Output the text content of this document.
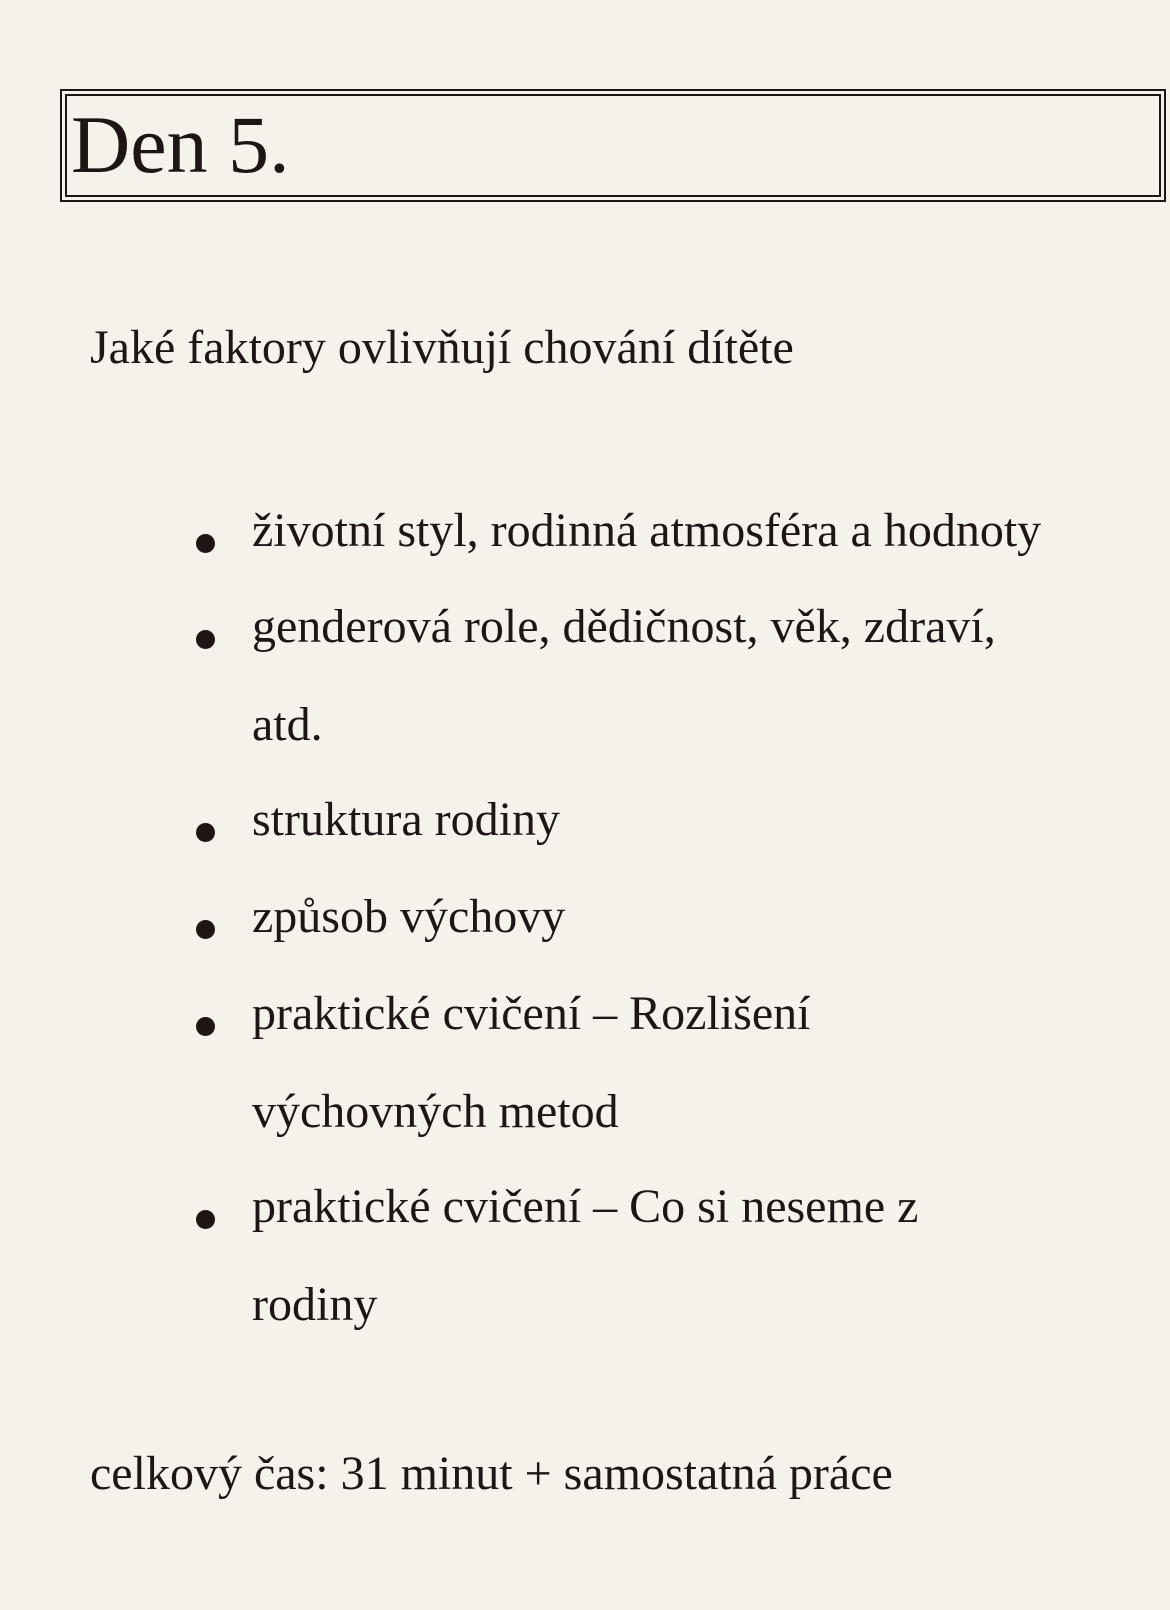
Den 5.
Jaké faktory ovlivňují chování dítěte
životní styl, rodinná atmosféra a hodnoty
genderová role, dědičnost, věk, zdraví,
atd.
struktura rodiny
způsob výchovy
praktické cvičení – Rozlišení
výchovných metod
praktické cvičení – Co si neseme z
rodiny
celkový čas: 31 minut + samostatná práce
